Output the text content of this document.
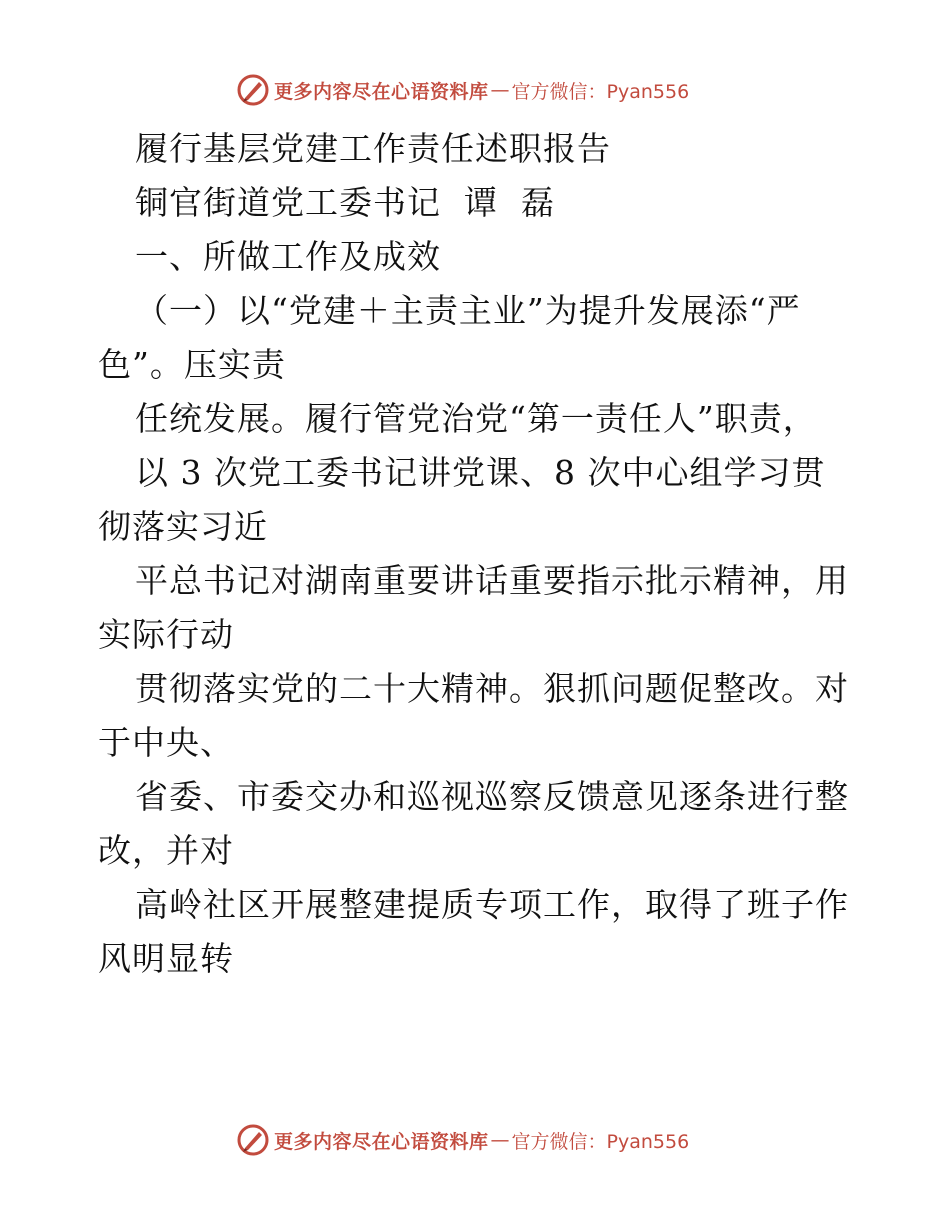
更多内容尽在心语资料库 — 官方微信：Pyan556
履行基层党建工作责任述职报告
铜官街道党工委书记  谭  磊
一、所做工作及成效
（一）以“党建＋主责主业”为提升发展添“严
色”。压实责
任统发展。履行管党治党“第一责任人”职责，
以 3 次党工委书记讲党课、8 次中心组学习贯
彻落实习近
平总书记对湖南重要讲话重要指示批示精神，用
实际行动
贯彻落实党的二十大精神。狠抓问题促整改。对
于中央、
省委、市委交办和巡视巡察反馈意见逐条进行整
改，并对
高岭社区开展整建提质专项工作，取得了班子作
风明显转
更多内容尽在心语资料库 — 官方微信：Pyan556
